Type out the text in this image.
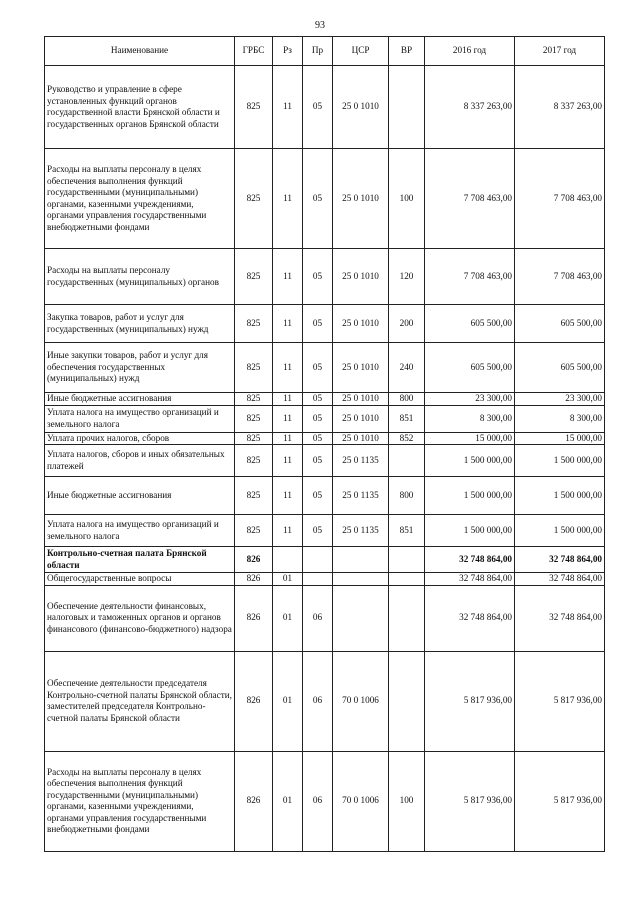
93
Наименование	ГРБС	Рз	Пр	ЦСР	ВР	2016 год	2017 год
Руководство и управление в сфере установленных функций органов государственной власти Брянской области и государственных органов Брянской области	825	11	05	25 0 1010		8 337 263,00	8 337 263,00
Расходы на выплаты персоналу в целях обеспечения выполнения функций государственными (муниципальными) органами, казенными учреждениями, органами управления государственными внебюджетными фондами	825	11	05	25 0 1010	100	7 708 463,00	7 708 463,00
Расходы на выплаты персоналу государственных (муниципальных) органов	825	11	05	25 0 1010	120	7 708 463,00	7 708 463,00
Закупка товаров, работ и услуг для государственных (муниципальных) нужд	825	11	05	25 0 1010	200	605 500,00	605 500,00
Иные закупки товаров, работ и услуг для обеспечения государственных (муниципальных) нужд	825	11	05	25 0 1010	240	605 500,00	605 500,00
Иные бюджетные ассигнования	825	11	05	25 0 1010	800	23 300,00	23 300,00
Уплата налога на имущество организаций и земельного налога	825	11	05	25 0 1010	851	8 300,00	8 300,00
Уплата прочих налогов, сборов	825	11	05	25 0 1010	852	15 000,00	15 000,00
Уплата налогов, сборов и иных обязательных платежей	825	11	05	25 0 1135		1 500 000,00	1 500 000,00
Иные бюджетные ассигнования	825	11	05	25 0 1135	800	1 500 000,00	1 500 000,00
Уплата налога на имущество организаций и земельного налога	825	11	05	25 0 1135	851	1 500 000,00	1 500 000,00
Контрольно-счетная палата Брянской области	826					32 748 864,00	32 748 864,00
Общегосударственные вопросы	826	01				32 748 864,00	32 748 864,00
Обеспечение деятельности финансовых, налоговых и таможенных органов и органов финансового (финансово-бюджетного) надзора	826	01	06			32 748 864,00	32 748 864,00
Обеспечение деятельности председателя Контрольно-счетной палаты Брянской области, заместителей председателя Контрольно-счетной палаты Брянской области	826	01	06	70 0 1006		5 817 936,00	5 817 936,00
Расходы на выплаты персоналу в целях обеспечения выполнения функций государственными (муниципальными) органами, казенными учреждениями, органами управления государственными внебюджетными фондами	826	01	06	70 0 1006	100	5 817 936,00	5 817 936,00
